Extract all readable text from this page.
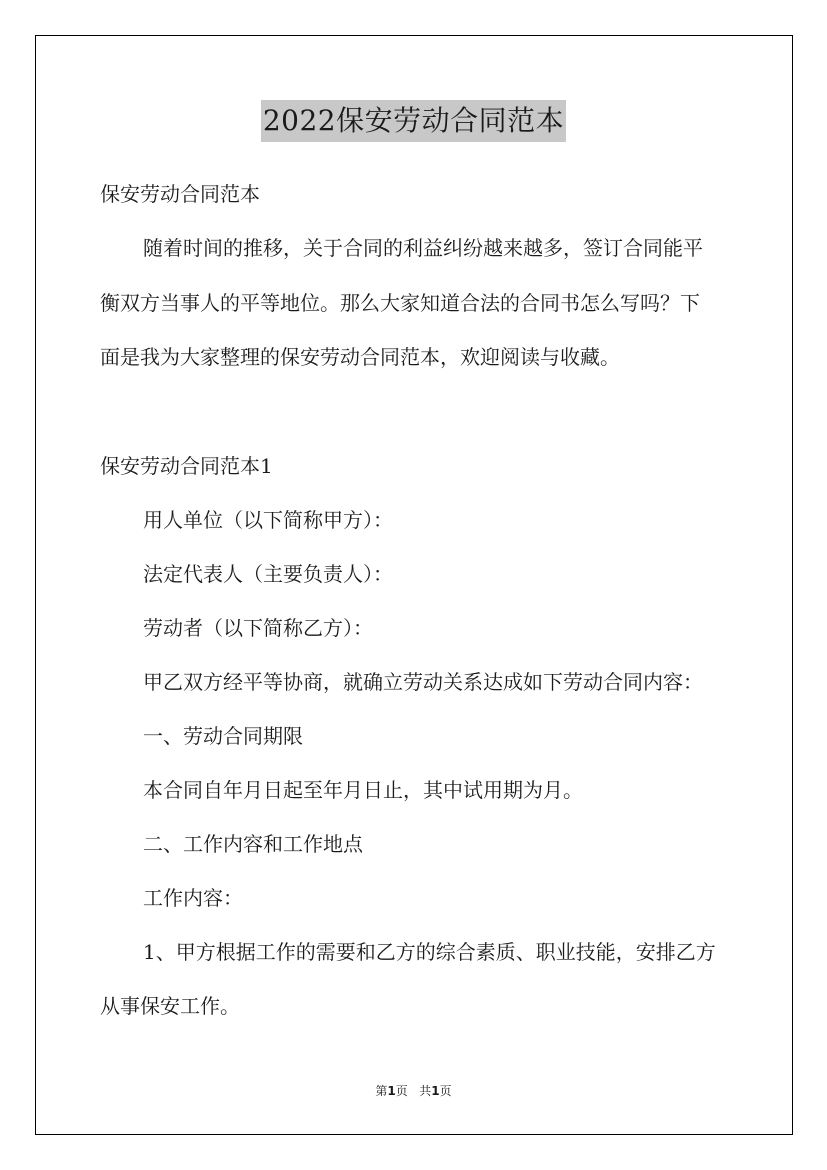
2022保安劳动合同范本
保安劳动合同范本
随着时间的推移，关于合同的利益纠纷越来越多，签订合同能平
衡双方当事人的平等地位。那么大家知道合法的合同书怎么写吗？下
面是我为大家整理的保安劳动合同范本，欢迎阅读与收藏。
保安劳动合同范本1
用人单位（以下简称甲方）：
法定代表人（主要负责人）：
劳动者（以下简称乙方）：
甲乙双方经平等协商，就确立劳动关系达成如下劳动合同内容：
一、劳动合同期限
本合同自年月日起至年月日止，其中试用期为月。
二、工作内容和工作地点
工作内容：
1、甲方根据工作的需要和乙方的综合素质、职业技能，安排乙方
从事保安工作。
第1页 共1页
